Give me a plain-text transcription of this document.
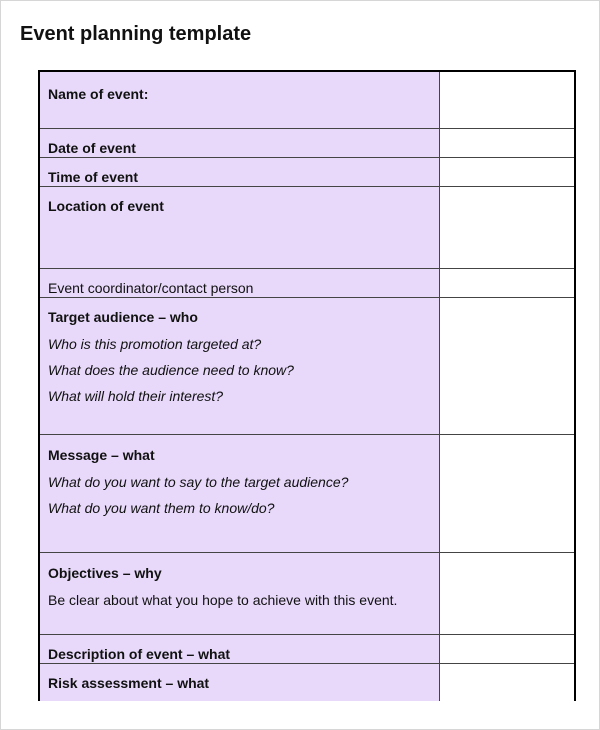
Event planning template
Name of event:
Date of event
Time of event
Location of event
Event coordinator/contact person
Target audience – who
Who is this promotion targeted at?
What does the audience need to know?
What will hold their interest?
Message – what
What do you want to say to the target audience?
What do you want them to know/do?
Objectives – why
Be clear about what you hope to achieve with this event.
Description of event – what
Risk assessment – what
